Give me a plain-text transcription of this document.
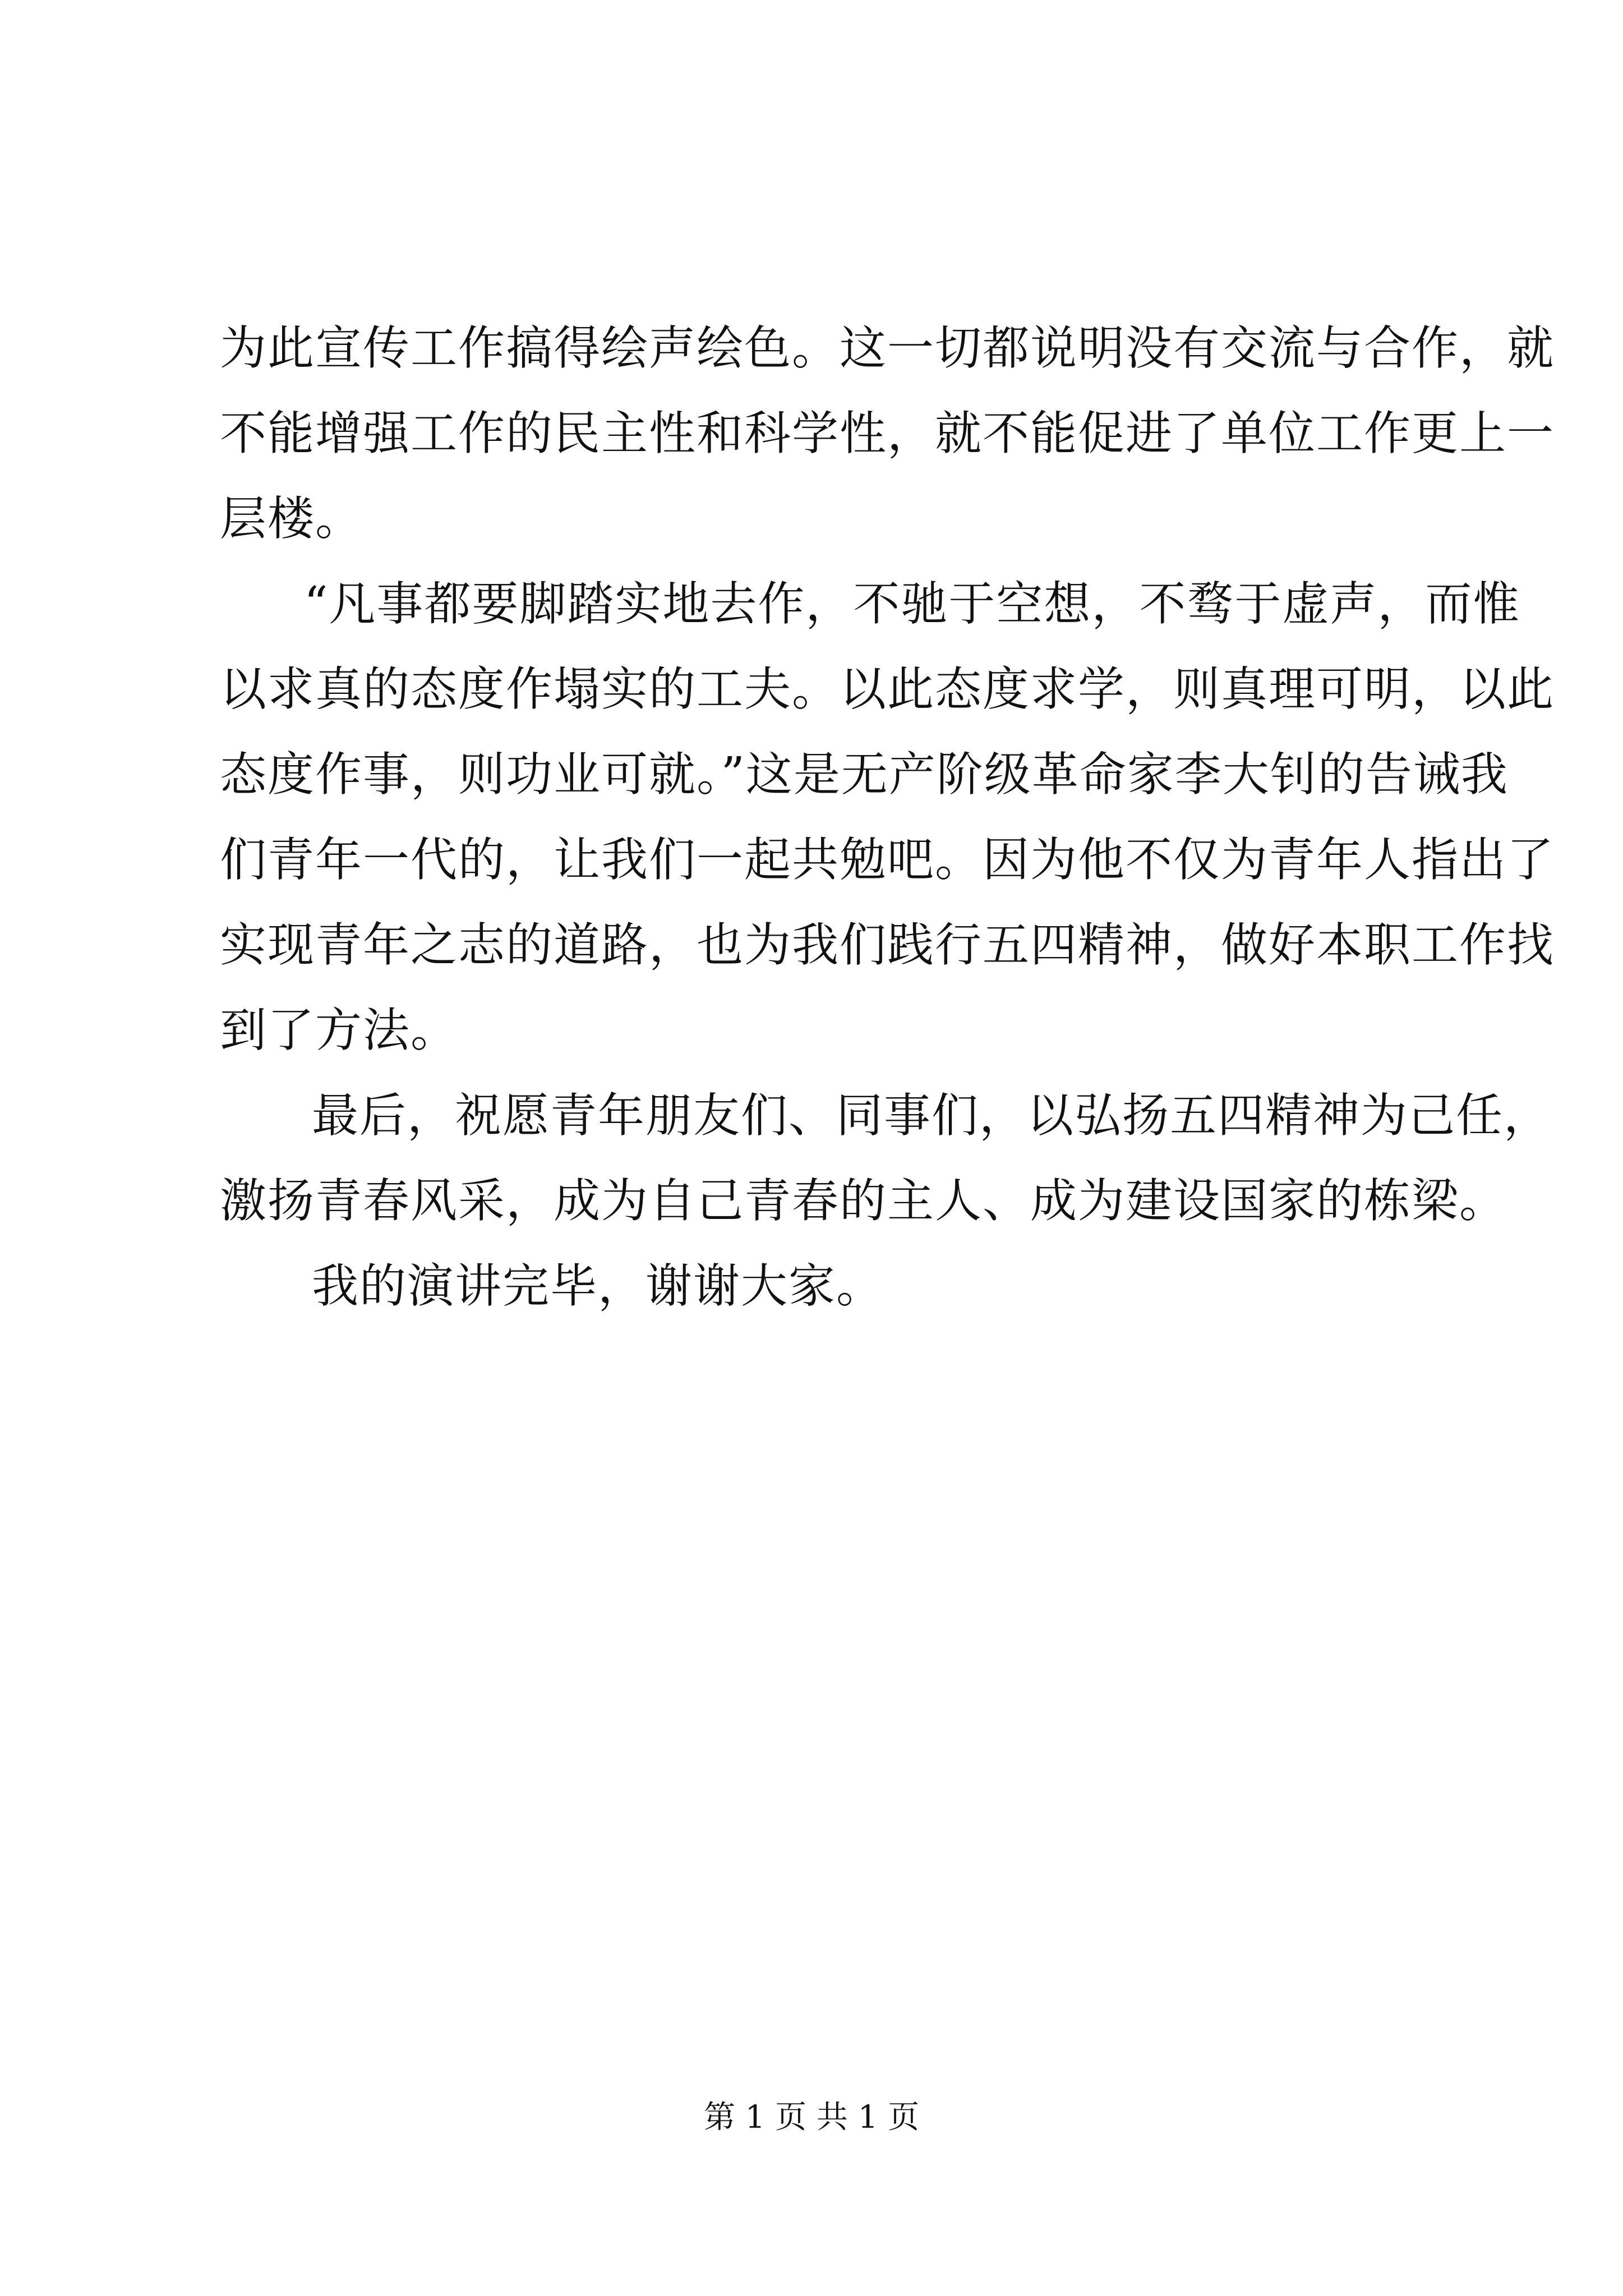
为此宣传工作搞得绘声绘色。这一切都说明没有交流与合作，就
不能增强工作的民主性和科学性，就不能促进了单位工作更上一
层楼。
“凡事都要脚踏实地去作，不驰于空想，不骛于虚声，而惟
以求真的态度作塌实的工夫。以此态度求学，则真理可明，以此
态度作事，则功业可就。”这是无产阶级革命家李大钊的告诫我
们青年一代的，让我们一起共勉吧。因为他不仅为青年人指出了
实现青年之志的道路，也为我们践行五四精神，做好本职工作找
到了方法。
最后，祝愿青年朋友们、同事们，以弘扬五四精神为己任，
激扬青春风采，成为自己青春的主人、成为建设国家的栋梁。
我的演讲完毕，谢谢大家。
第 1 页 共 1 页
